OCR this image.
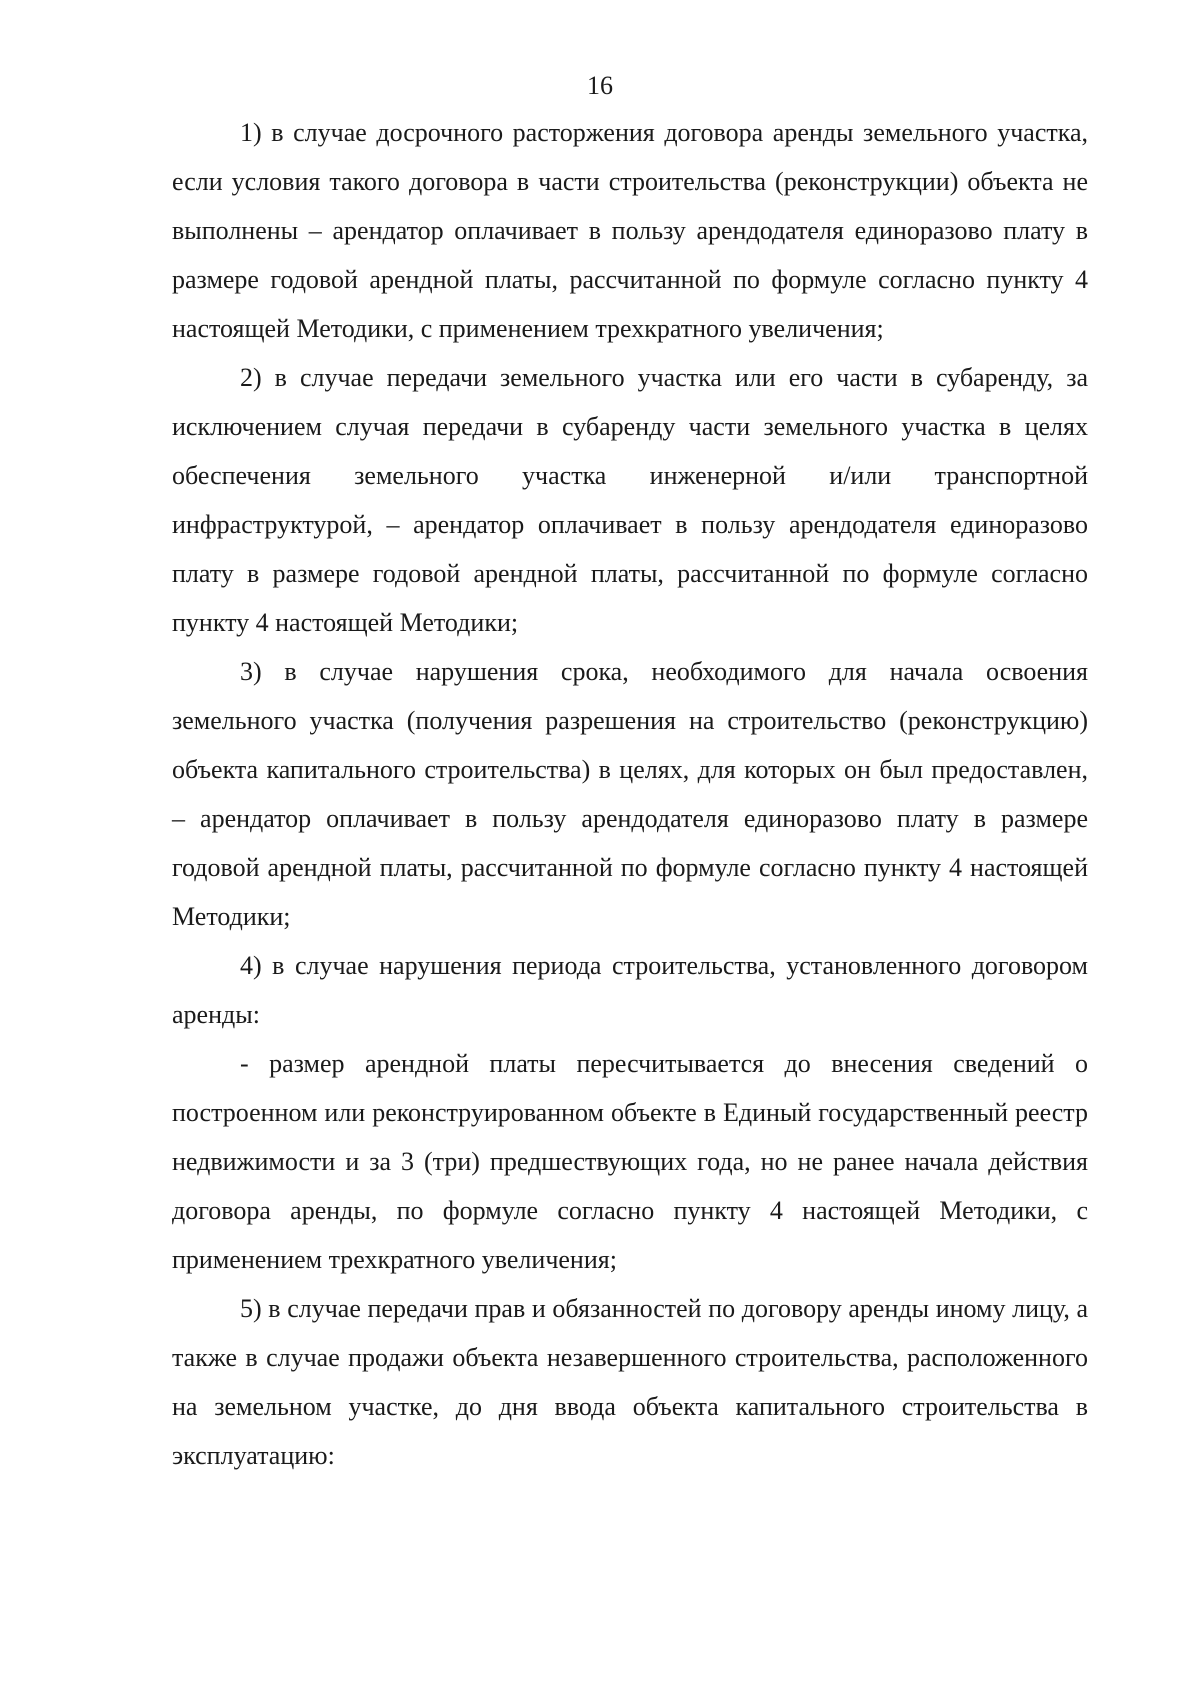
16

1) в случае досрочного расторжения договора аренды земельного участка, если условия такого договора в части строительства (реконструкции) объекта не выполнены – арендатор оплачивает в пользу арендодателя единоразово плату в размере годовой арендной платы, рассчитанной по формуле согласно пункту 4 настоящей Методики, с применением трехкратного увеличения;

2) в случае передачи земельного участка или его части в субаренду, за исключением случая передачи в субаренду части земельного участка в целях обеспечения земельного участка инженерной и/или транспортной инфраструктурой, – арендатор оплачивает в пользу арендодателя единоразово плату в размере годовой арендной платы, рассчитанной по формуле согласно пункту 4 настоящей Методики;

3) в случае нарушения срока, необходимого для начала освоения земельного участка (получения разрешения на строительство (реконструкцию) объекта капитального строительства) в целях, для которых он был предоставлен, – арендатор оплачивает в пользу арендодателя единоразово плату в размере годовой арендной платы, рассчитанной по формуле согласно пункту 4 настоящей Методики;

4) в случае нарушения периода строительства, установленного договором аренды:

- размер арендной платы пересчитывается до внесения сведений о построенном или реконструированном объекте в Единый государственный реестр недвижимости и за 3 (три) предшествующих года, но не ранее начала действия договора аренды, по формуле согласно пункту 4 настоящей Методики, с применением трехкратного увеличения;

5) в случае передачи прав и обязанностей по договору аренды иному лицу, а также в случае продажи объекта незавершенного строительства, расположенного на земельном участке, до дня ввода объекта капитального строительства в эксплуатацию:
